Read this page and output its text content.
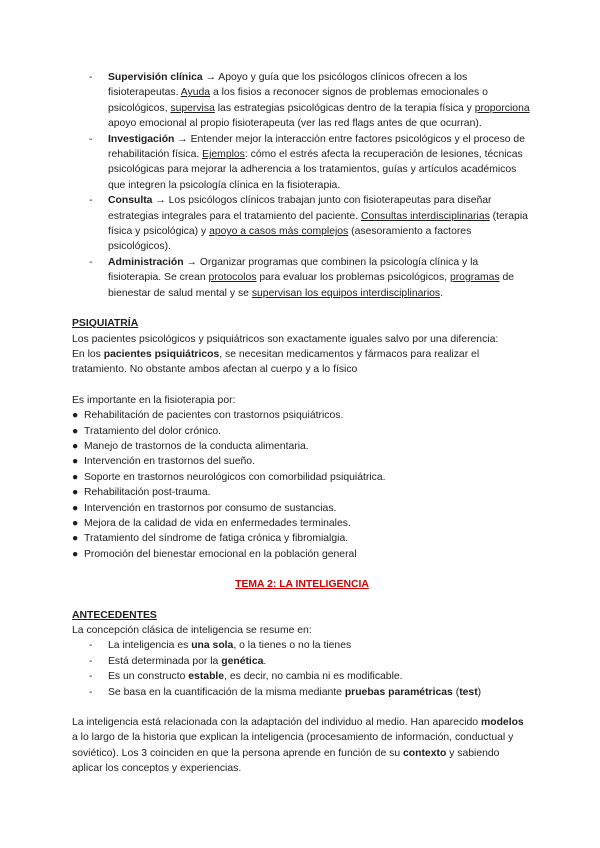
- Supervisión clínica → Apoyo y guía que los psicólogos clínicos ofrecen a los fisioterapeutas. Ayuda a los fisios a reconocer signos de problemas emocionales o psicológicos, supervisa las estrategias psicológicas dentro de la terapia física y proporciona apoyo emocional al propio fisioterapeuta (ver las red flags antes de que ocurran).
- Investigación → Entender mejor la interacción entre factores psicológicos y el proceso de rehabilitación física. Ejemplos: cómo el estrés afecta la recuperación de lesiones, técnicas psicológicas para mejorar la adherencia a los tratamientos, guías y artículos académicos que integren la psicología clínica en la fisioterapia.
- Consulta → Los psicólogos clínicos trabajan junto con fisioterapeutas para diseñar estrategias integrales para el tratamiento del paciente. Consultas interdisciplinarias (terapia física y psicológica) y apoyo a casos más complejos (asesoramiento a factores psicológicos).
- Administración → Organizar programas que combinen la psicología clínica y la fisioterapia. Se crean protocolos para evaluar los problemas psicológicos, programas de bienestar de salud mental y se supervisan los equipos interdisciplinarios.

PSIQUIATRÍA

Los pacientes psicológicos y psiquiátricos son exactamente iguales salvo por una diferencia:

En los pacientes psiquiátricos, se necesitan medicamentos y fármacos para realizar el tratamiento. No obstante ambos afectan al cuerpo y a lo físico

Es importante en la fisioterapia por:

● Rehabilitación de pacientes con trastornos psiquiátricos.
● Tratamiento del dolor crónico.
● Manejo de trastornos de la conducta alimentaria.
● Intervención en trastornos del sueño.
● Soporte en trastornos neurológicos con comorbilidad psiquiátrica.
● Rehabilitación post-trauma.
● Intervención en trastornos por consumo de sustancias.
● Mejora de la calidad de vida en enfermedades terminales.
● Tratamiento del síndrome de fatiga crónica y fibromialgia.
● Promoción del bienestar emocional en la población general

TEMA 2: LA INTELIGENCIA

ANTECEDENTES

La concepción clásica de inteligencia se resume en:

- La inteligencia es una sola, o la tienes o no la tienes
- Está determinada por la genética.
- Es un constructo estable, es decir, no cambia ni es modificable.
- Se basa en la cuantificación de la misma mediante pruebas paramétricas (test)

La inteligencia está relacionada con la adaptación del individuo al medio. Han aparecido modelos a lo largo de la historia que explican la inteligencia (procesamiento de información, conductual y soviético). Los 3 coinciden en que la persona aprende en función de su contexto y sabiendo aplicar los conceptos y experiencias.
